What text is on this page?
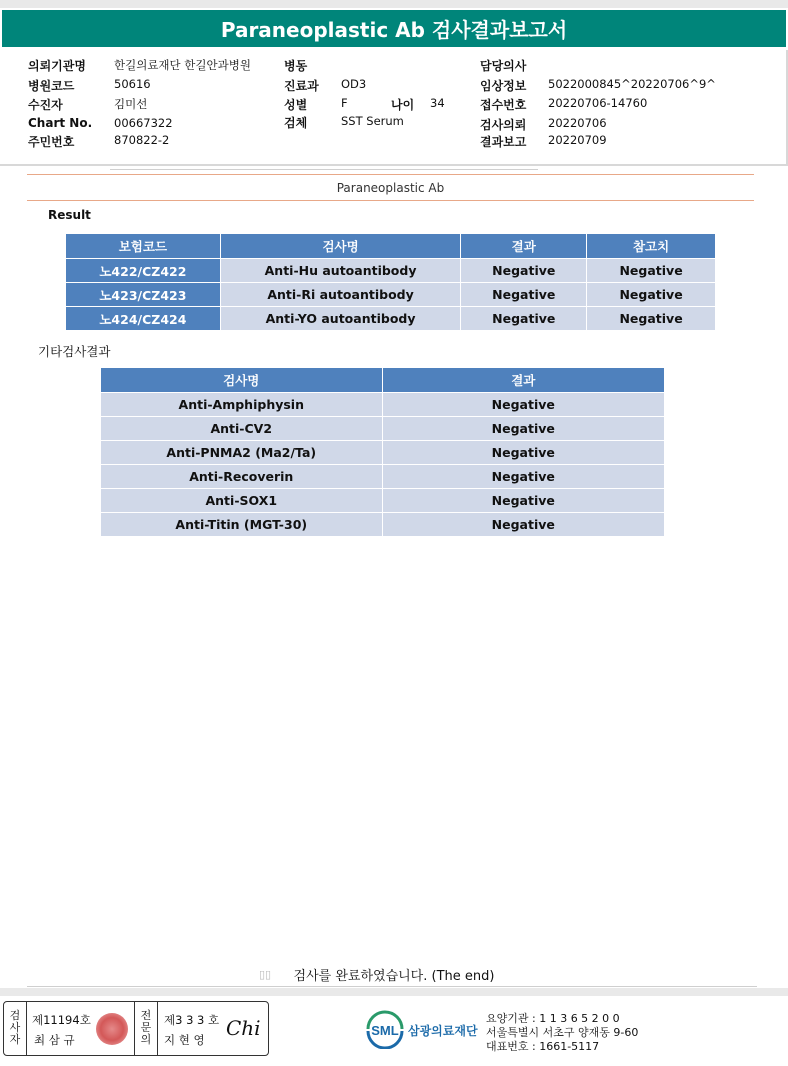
Paraneoplastic Ab 검사결과보고서
의뢰기관명 한길의료재단 한길안과병원
병원코드	50616
수진자	김미선
Chart No. 00667322
주민번호	870822-2
병동
진료과 OD3
성별	F	나이 34
검체	SST Serum
담당의사
임상정보 5022000845^20220706^9^
접수번호 20220706-14760
검사의뢰 20220706
결과보고 20220709
Paraneoplastic Ab
Result
보험코드	검사명	결과	참고치
노422/CZ422	Anti-Hu autoantibody	Negative	Negative
노423/CZ423	Anti-Ri autoantibody	Negative	Negative
노424/CZ424	Anti-YO autoantibody	Negative	Negative
기타검사결과
검사명	결과
Anti-Amphiphysin	Negative
Anti-CV2	Negative
Anti-PNMA2 (Ma2/Ta)	Negative
Anti-Recoverin	Negative
Anti-SOX1	Negative
Anti-Titin (MGT-30)	Negative
▯▯	검사를 완료하였습니다. (The end)
검사자
제11194호
최 삼 규
전문의
제3 3 3 호
지 현 영 Chi	SML 삼광의료재단
요양기관 : 1 1 3 6 5 2 0 0
서울특별시 서초구 양재동 9-60
대표번호 : 1661-5117
